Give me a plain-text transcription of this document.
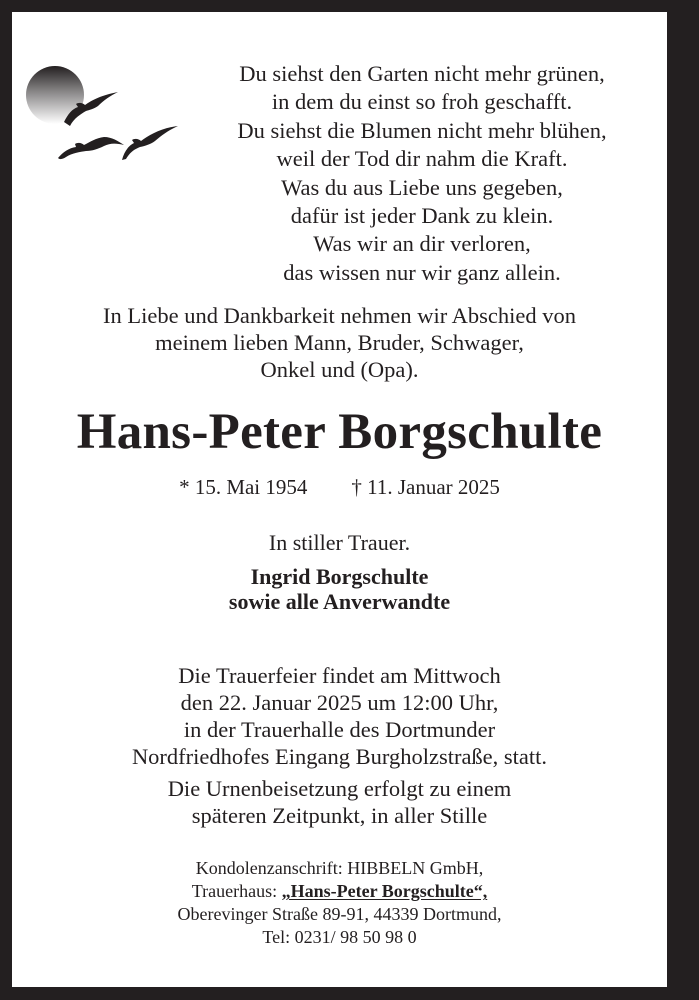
Du siehst den Garten nicht mehr grünen,
in dem du einst so froh geschafft.
Du siehst die Blumen nicht mehr blühen,
weil der Tod dir nahm die Kraft.
Was du aus Liebe uns gegeben,
dafür ist jeder Dank zu klein.
Was wir an dir verloren,
das wissen nur wir ganz allein.
In Liebe und Dankbarkeit nehmen wir Abschied von
meinem lieben Mann, Bruder, Schwager,
Onkel und (Opa).
Hans-Peter Borgschulte
* 15. Mai 1954 † 11. Januar 2025
In stiller Trauer.
Ingrid Borgschulte
sowie alle Anverwandte
Die Trauerfeier findet am Mittwoch
den 22. Januar 2025 um 12:00 Uhr,
in der Trauerhalle des Dortmunder
Nordfriedhofes Eingang Burgholzstraße, statt.
Die Urnenbeisetzung erfolgt zu einem
späteren Zeitpunkt, in aller Stille
Kondolenzanschrift: HIBBELN GmbH,
Trauerhaus: „Hans-Peter Borgschulte“,
Oberevinger Straße 89-91, 44339 Dortmund,
Tel: 0231/ 98 50 98 0
